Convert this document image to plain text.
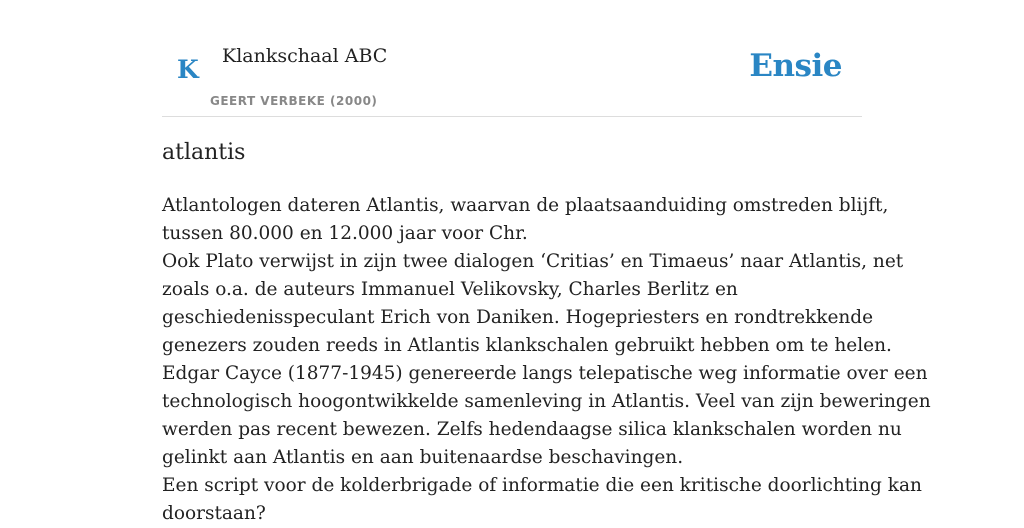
K Klankschaal ABC
GEERT VERBEKE (2000)
Ensie
atlantis
Atlantologen dateren Atlantis, waarvan de plaatsaanduiding omstreden blijft,
tussen 80.000 en 12.000 jaar voor Chr.
Ook Plato verwijst in zijn twee dialogen ‘Critias’ en Timaeus’ naar Atlantis, net
zoals o.a. de auteurs Immanuel Velikovsky, Charles Berlitz en
geschiedenisspeculant Erich von Daniken. Hogepriesters en rondtrekkende
genezers zouden reeds in Atlantis klankschalen gebruikt hebben om te helen.
Edgar Cayce (1877-1945) genereerde langs telepatische weg informatie over een
technologisch hoogontwikkelde samenleving in Atlantis. Veel van zijn beweringen
werden pas recent bewezen. Zelfs hedendaagse silica klankschalen worden nu
gelinkt aan Atlantis en aan buitenaardse beschavingen.
Een script voor de kolderbrigade of informatie die een kritische doorlichting kan
doorstaan?
